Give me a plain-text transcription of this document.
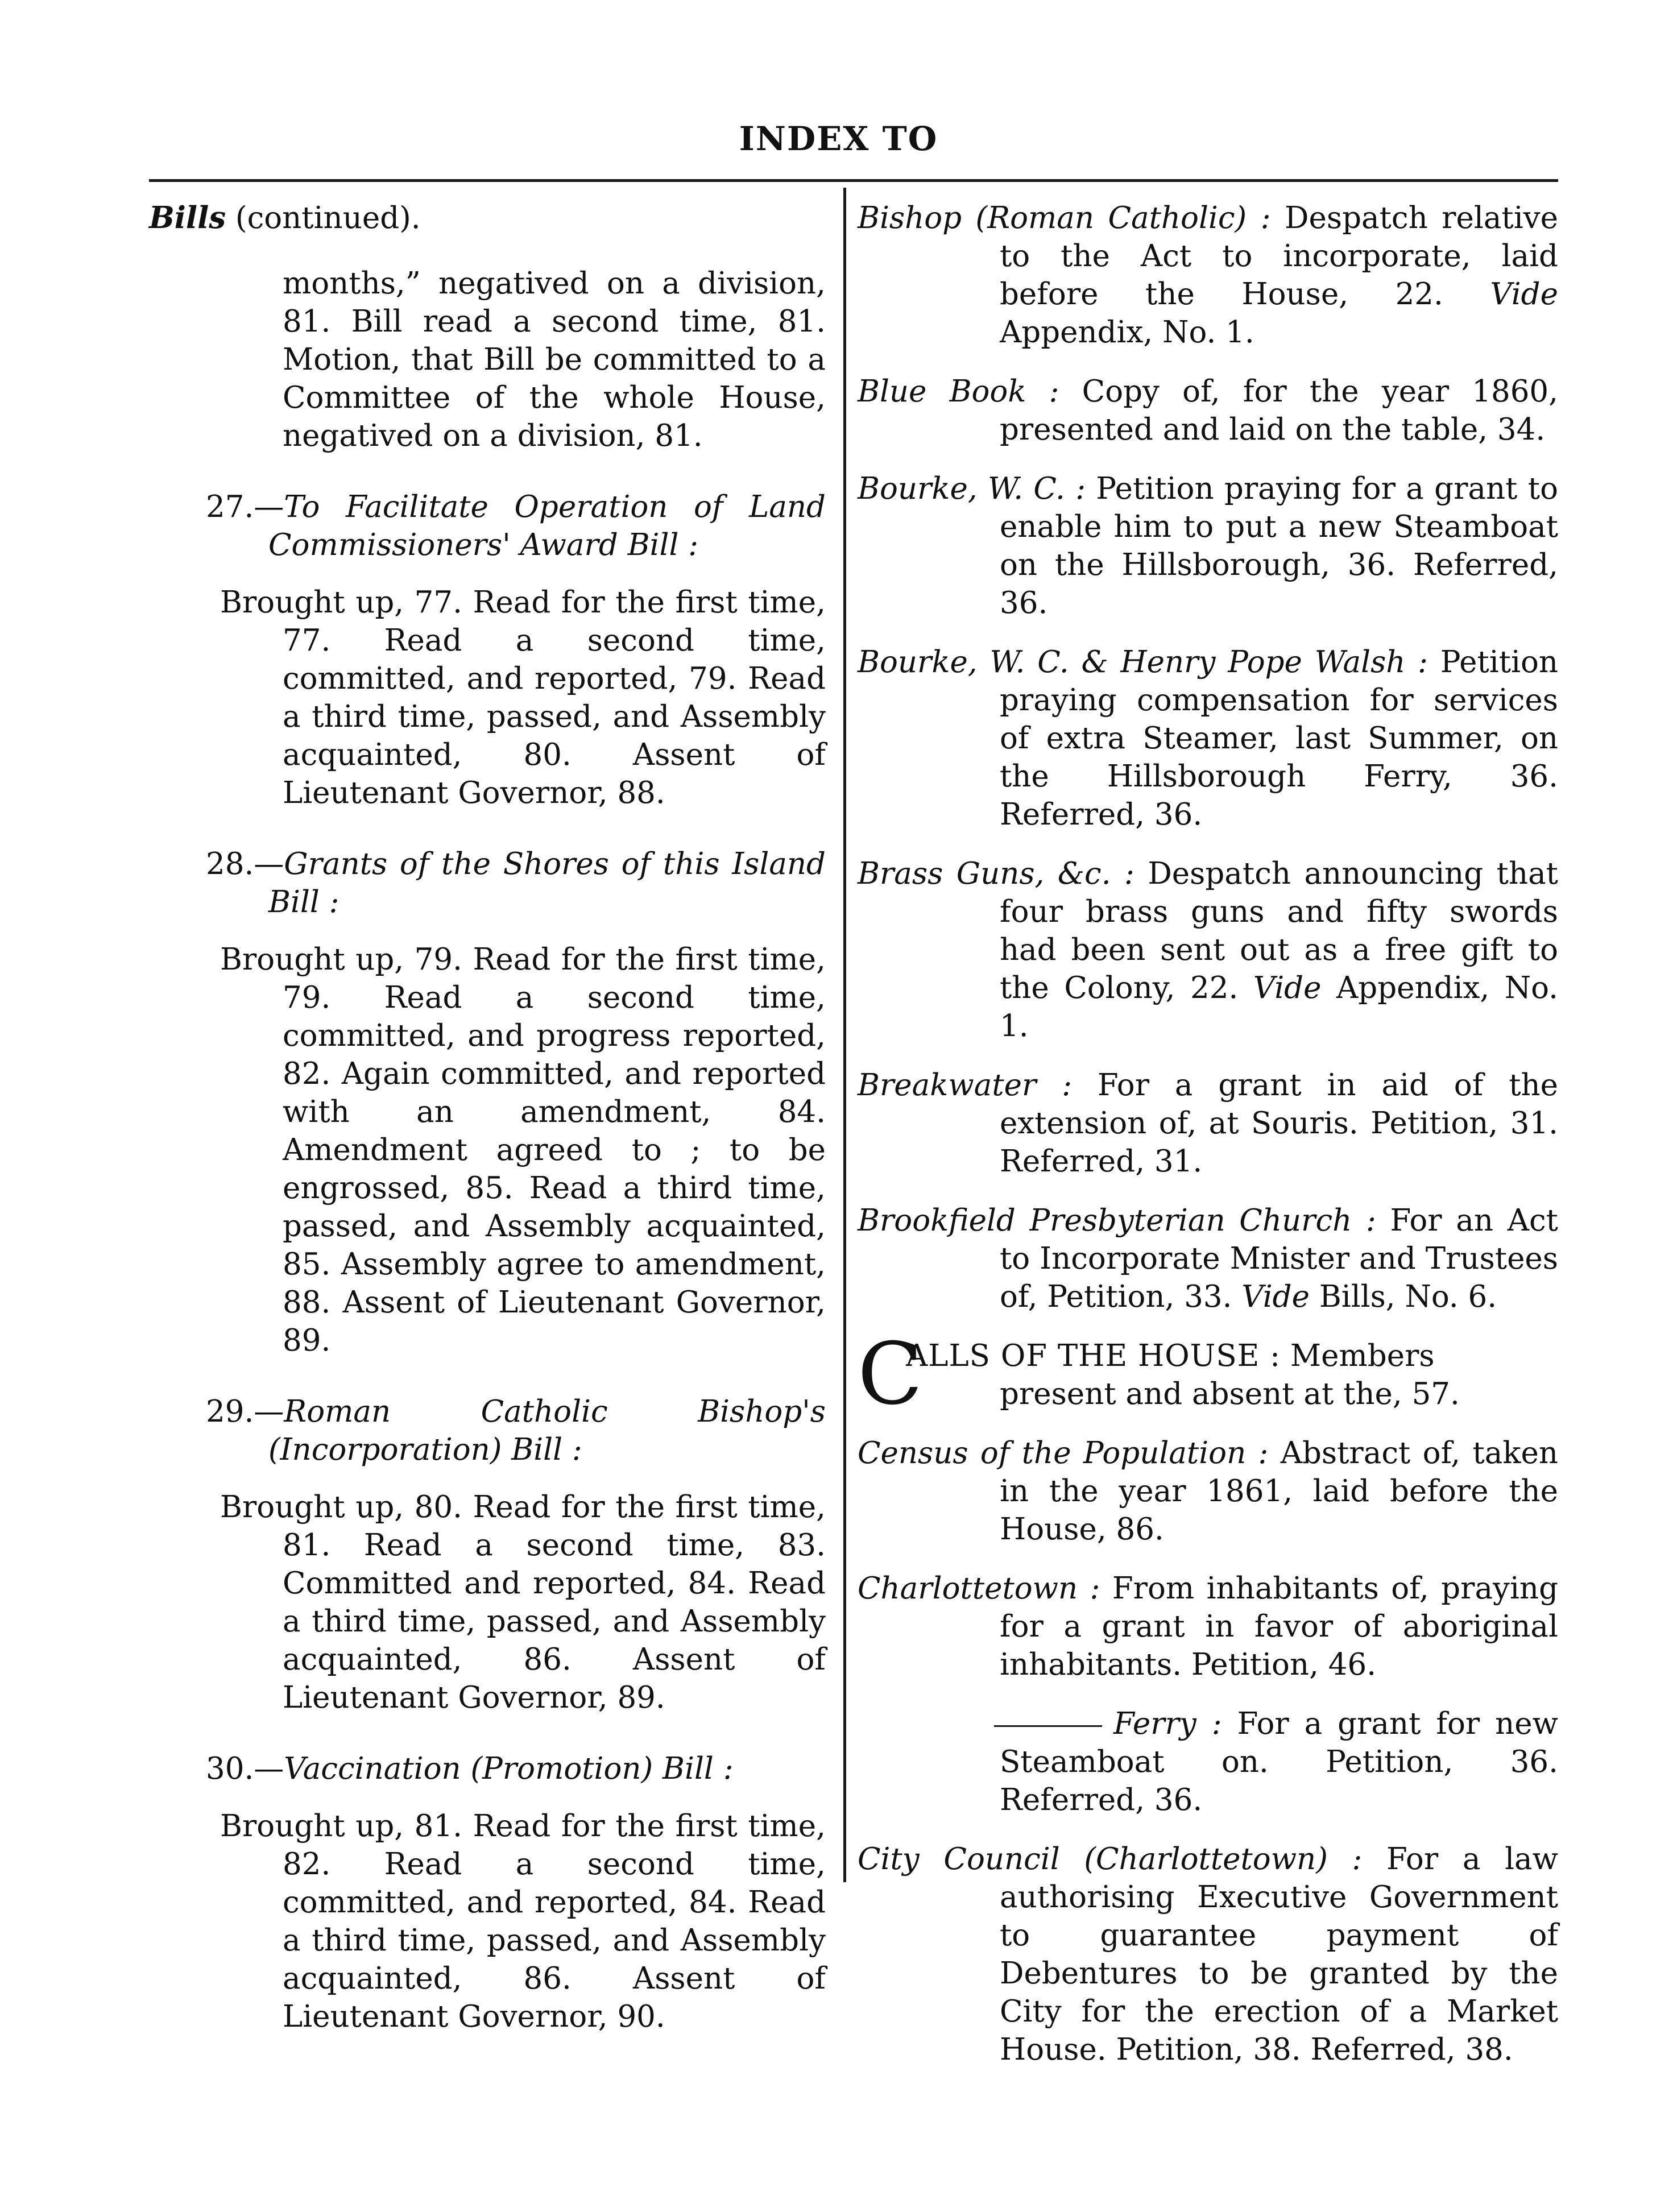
INDEX TO

Bills (continued).

months,” negatived on a division, 81. Bill read a second time, 81. Motion, that Bill be committed to a Committee of the whole House, negatived on a division, 81.

27.—To Facilitate Operation of Land Commissioners' Award Bill :

Brought up, 77. Read for the first time, 77. Read a second time, committed, and reported, 79. Read a third time, passed, and Assembly acquainted, 80. Assent of Lieutenant Governor, 88.

28.—Grants of the Shores of this Island Bill :

Brought up, 79. Read for the first time, 79. Read a second time, committed, and progress reported, 82. Again committed, and reported with an amendment, 84. Amendment agreed to ; to be engrossed, 85. Read a third time, passed, and Assembly acquainted, 85. Assembly agree to amendment, 88. Assent of Lieutenant Governor, 89.

29.—Roman Catholic Bishop's (Incorporation) Bill :

Brought up, 80. Read for the first time, 81. Read a second time, 83. Committed and reported, 84. Read a third time, passed, and Assembly acquainted, 86. Assent of Lieutenant Governor, 89.

30.—Vaccination (Promotion) Bill :

Brought up, 81. Read for the first time, 82. Read a second time, committed, and reported, 84. Read a third time, passed, and Assembly acquainted, 86. Assent of Lieutenant Governor, 90.

Bishop (Roman Catholic) : Despatch relative to the Act to incorporate, laid before the House, 22. Vide Appendix, No. 1.

Blue Book : Copy of, for the year 1860, presented and laid on the table, 34.

Bourke, W. C. : Petition praying for a grant to enable him to put a new Steamboat on the Hillsborough, 36. Referred, 36.

Bourke, W. C. & Henry Pope Walsh : Petition praying compensation for services of extra Steamer, last Summer, on the Hillsborough Ferry, 36. Referred, 36.

Brass Guns, &c. : Despatch announcing that four brass guns and fifty swords had been sent out as a free gift to the Colony, 22. Vide Appendix, No. 1.

Breakwater : For a grant in aid of the extension of, at Souris. Petition, 31. Referred, 31.

Brookfield Presbyterian Church : For an Act to Incorporate Mnister and Trustees of, Petition, 33. Vide Bills, No. 6.

C
ALLS OF THE HOUSE : Members present and absent at the, 57.

Census of the Population : Abstract of, taken in the year 1861, laid before the House, 86.

Charlottetown : From inhabitants of, praying for a grant in favor of aboriginal inhabitants. Petition, 46.

Ferry : For a grant for new Steamboat on. Petition, 36. Referred, 36.

City Council (Charlottetown) : For a law authorising Executive Government to guarantee payment of Debentures to be granted by the City for the erection of a Market House. Petition, 38. Referred, 38.
